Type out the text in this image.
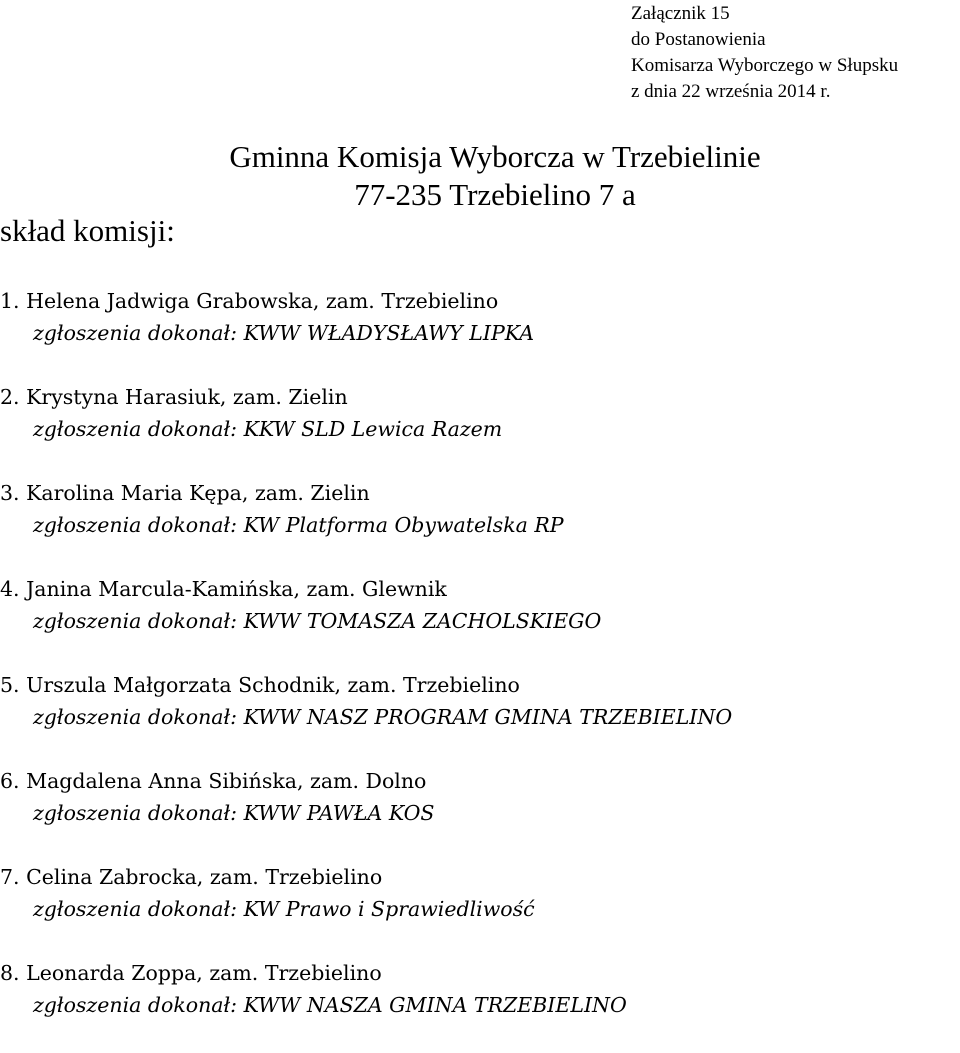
Załącznik 15
do Postanowienia
Komisarza Wyborczego w Słupsku
z dnia 22 września 2014 r.
Gminna Komisja Wyborcza w Trzebielinie
77-235 Trzebielino 7 a
skład komisji:
1. Helena Jadwiga Grabowska, zam. Trzebielino
zgłoszenia dokonał: KWW WŁADYSŁAWY LIPKA
2. Krystyna Harasiuk, zam. Zielin
zgłoszenia dokonał: KKW SLD Lewica Razem
3. Karolina Maria Kępa, zam. Zielin
zgłoszenia dokonał: KW Platforma Obywatelska RP
4. Janina Marcula-Kamińska, zam. Glewnik
zgłoszenia dokonał: KWW TOMASZA ZACHOLSKIEGO
5. Urszula Małgorzata Schodnik, zam. Trzebielino
zgłoszenia dokonał: KWW NASZ PROGRAM GMINA TRZEBIELINO
6. Magdalena Anna Sibińska, zam. Dolno
zgłoszenia dokonał: KWW PAWŁA KOS
7. Celina Zabrocka, zam. Trzebielino
zgłoszenia dokonał: KW Prawo i Sprawiedliwość
8. Leonarda Zoppa, zam. Trzebielino
zgłoszenia dokonał: KWW NASZA GMINA TRZEBIELINO
